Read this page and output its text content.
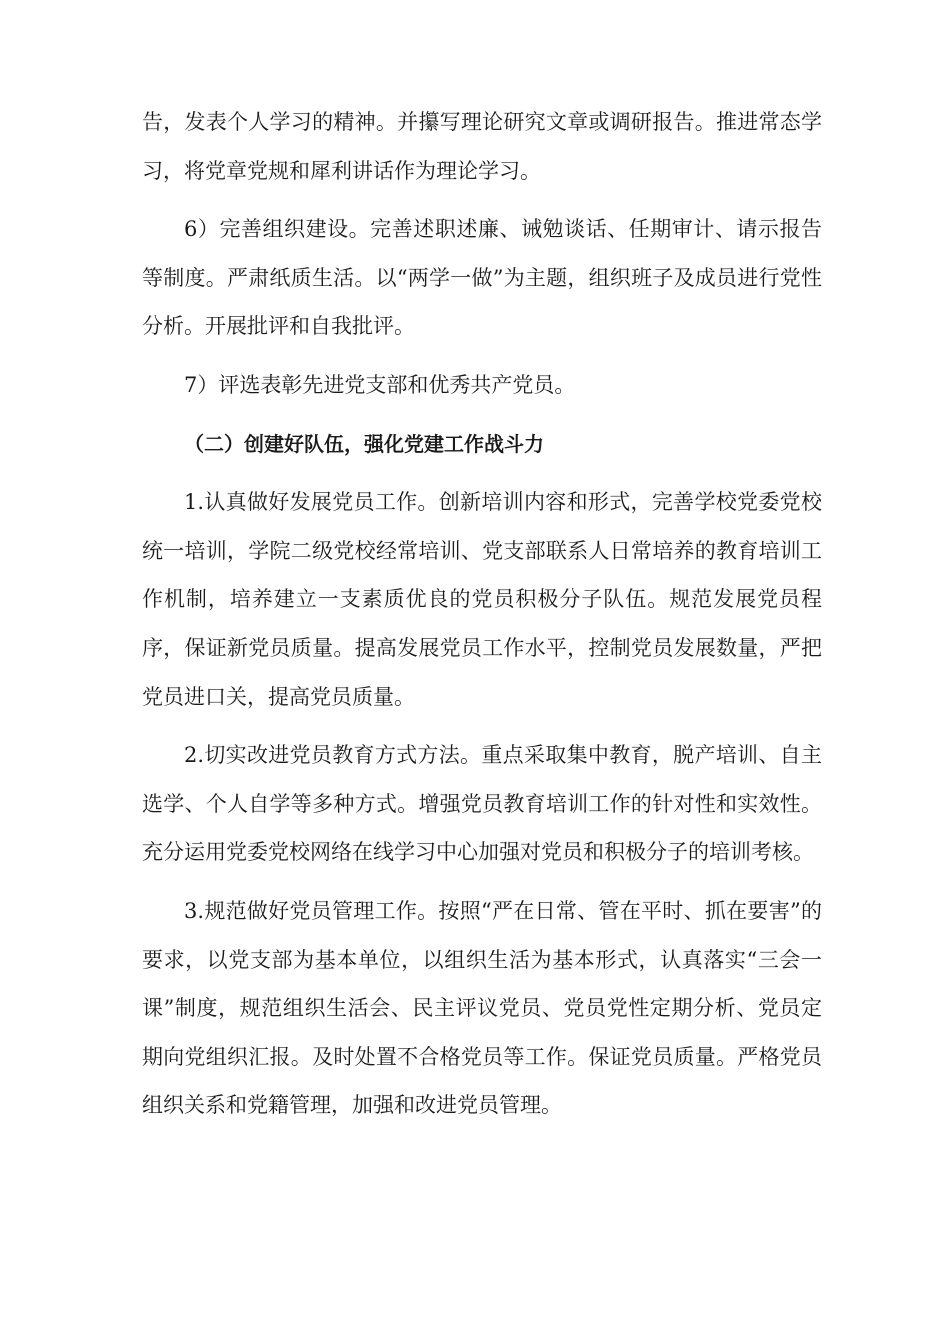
告，发表个人学习的精神。并攥写理论研究文章或调研报告。推进常态学习，将党章党规和犀利讲话作为理论学习。

6）完善组织建设。完善述职述廉、诫勉谈话、任期审计、请示报告等制度。严肃纸质生活。以“两学一做”为主题，组织班子及成员进行党性分析。开展批评和自我批评。

7）评选表彰先进党支部和优秀共产党员。

（二）创建好队伍，强化党建工作战斗力

1.认真做好发展党员工作。创新培训内容和形式，完善学校党委党校统一培训，学院二级党校经常培训、党支部联系人日常培养的教育培训工作机制，培养建立一支素质优良的党员积极分子队伍。规范发展党员程序，保证新党员质量。提高发展党员工作水平，控制党员发展数量，严把党员进口关，提高党员质量。

2.切实改进党员教育方式方法。重点采取集中教育，脱产培训、自主选学、个人自学等多种方式。增强党员教育培训工作的针对性和实效性。充分运用党委党校网络在线学习中心加强对党员和积极分子的培训考核。

3.规范做好党员管理工作。按照“严在日常、管在平时、抓在要害”的要求，以党支部为基本单位，以组织生活为基本形式，认真落实“三会一课”制度，规范组织生活会、民主评议党员、党员党性定期分析、党员定期向党组织汇报。及时处置不合格党员等工作。保证党员质量。严格党员组织关系和党籍管理，加强和改进党员管理。
